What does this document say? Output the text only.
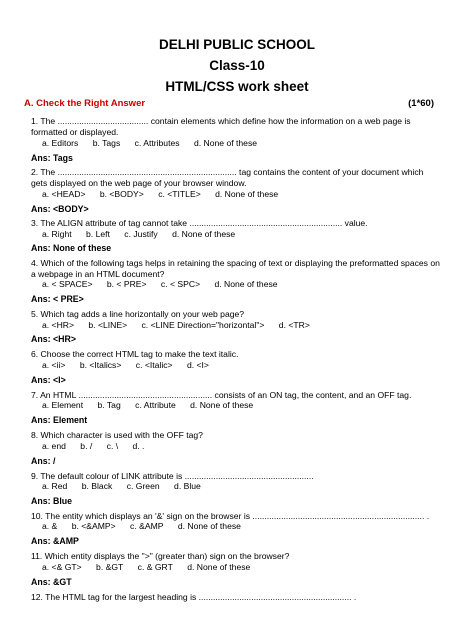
DELHI PUBLIC SCHOOL
Class-10
HTML/CSS work sheet
A. Check the Right Answer	(1*60)
1. The ...................................... contain elements which define how the information on a web page is formatted or displayed.
a. Editors b. Tags c. Attributes d. None of these
Ans: Tags
2. The ........................................................................... tag contains the content of your document which gets displayed on the web page of your browser window.
a. <HEAD> b. <BODY> c. <TITLE> d. None of these
Ans: <BODY>
3. The ALIGN attribute of tag cannot take ................................................................ value.
a. Right b. Left c. Justify d. None of these
Ans: None of these
4. Which of the following tags helps in retaining the spacing of text or displaying the preformatted spaces on a webpage in an HTML document?
a. < SPACE> b. < PRE> c. < SPC> d. None of these
Ans: < PRE>
5. Which tag adds a line horizontally on your web page?
a. <HR> b. <LINE> c. <LINE Direction="horizontal"> d. <TR>
Ans: <HR>
6. Choose the correct HTML tag to make the text italic.
a. <ii> b. <Italics> c. <Italic> d. <I>
Ans: <I>
7. An HTML ........................................................ consists of an ON tag, the content, and an OFF tag.
a. Element b. Tag c. Attribute d. None of these
Ans: Element
8. Which character is used with the OFF tag?
a. end b. / c. \ d. .
Ans: /
9. The default colour of LINK attribute is ......................................................
a. Red b. Black c. Green d. Blue
Ans: Blue
10. The entity which displays an '&' sign on the browser is ........................................................................ .
a. & b. <&AMP> c. &AMP d. None of these
Ans: &AMP
11. Which entity displays the ">" (greater than) sign on the browser?
a. <& GT> b. &GT c. & GRT d. None of these
Ans: &GT
12. The HTML tag for the largest heading is ................................................................ .
